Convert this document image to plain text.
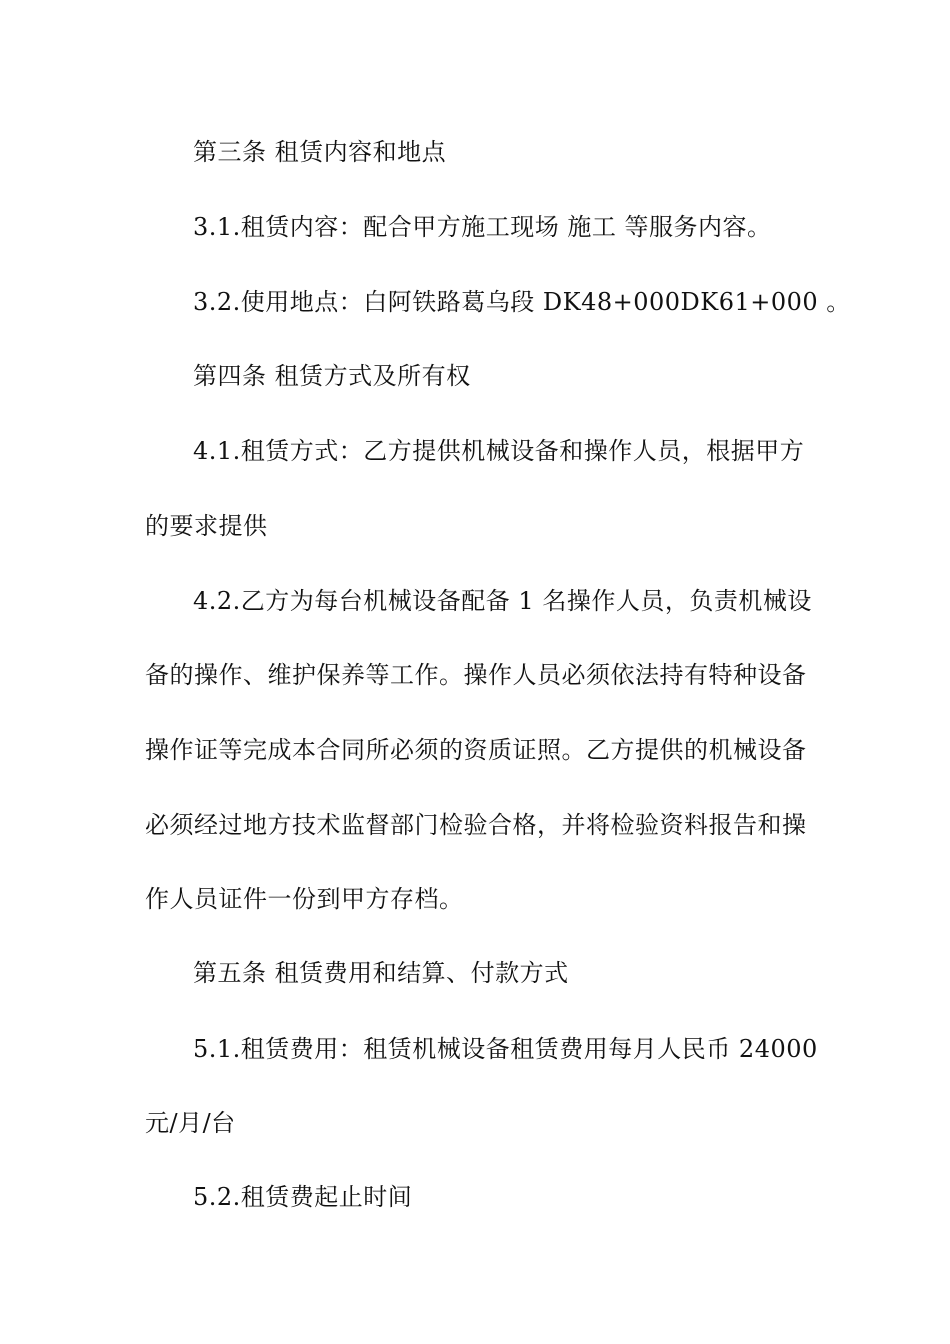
第三条 租赁内容和地点
3.1.租赁内容：配合甲方施工现场 施工 等服务内容。
3.2.使用地点：白阿铁路葛乌段 DK48+000DK61+000 。
第四条 租赁方式及所有权
4.1.租赁方式：乙方提供机械设备和操作人员，根据甲方
的要求提供
4.2.乙方为每台机械设备配备 1 名操作人员，负责机械设
备的操作、维护保养等工作。操作人员必须依法持有特种设备
操作证等完成本合同所必须的资质证照。乙方提供的机械设备
必须经过地方技术监督部门检验合格，并将检验资料报告和操
作人员证件一份到甲方存档。
第五条 租赁费用和结算、付款方式
5.1.租赁费用：租赁机械设备租赁费用每月人民币 24000
元/月/台
5.2.租赁费起止时间
